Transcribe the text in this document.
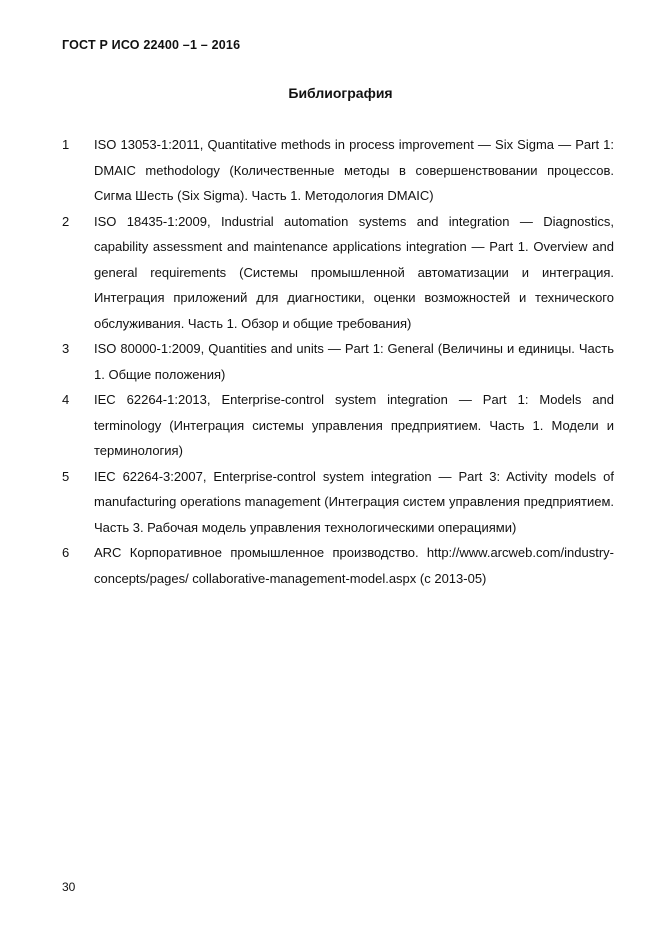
ГОСТ Р ИСО 22400 –1 – 2016
Библиография
1	ISO 13053-1:2011, Quantitative methods in process improvement — Six Sigma — Part 1: DMAIC methodology (Количественные методы в совершенствовании процессов. Сигма Шесть (Six Sigma). Часть 1. Методология DMAIC)
2	ISO 18435-1:2009, Industrial automation systems and integration — Diagnostics, capability assessment and maintenance applications integration — Part 1. Overview and general requirements (Системы промышленной автоматизации и интеграция. Интеграция приложений для диагностики, оценки возможностей и технического обслуживания. Часть 1. Обзор и общие требования)
3	ISO 80000-1:2009, Quantities and units — Part 1: General (Величины и единицы. Часть 1. Общие положения)
4	IEC 62264-1:2013, Enterprise-control system integration — Part 1: Models and terminology (Интеграция системы управления предприятием. Часть 1. Модели и терминология)
5	IEC 62264-3:2007, Enterprise-control system integration — Part 3: Activity models of manufacturing operations management (Интеграция систем управления предприятием. Часть 3. Рабочая модель управления технологическими операциями)
6	ARC Корпоративное промышленное производство. http://www.arcweb.com/industry-concepts/pages/ collaborative-management-model.aspx (с 2013-05)
30
